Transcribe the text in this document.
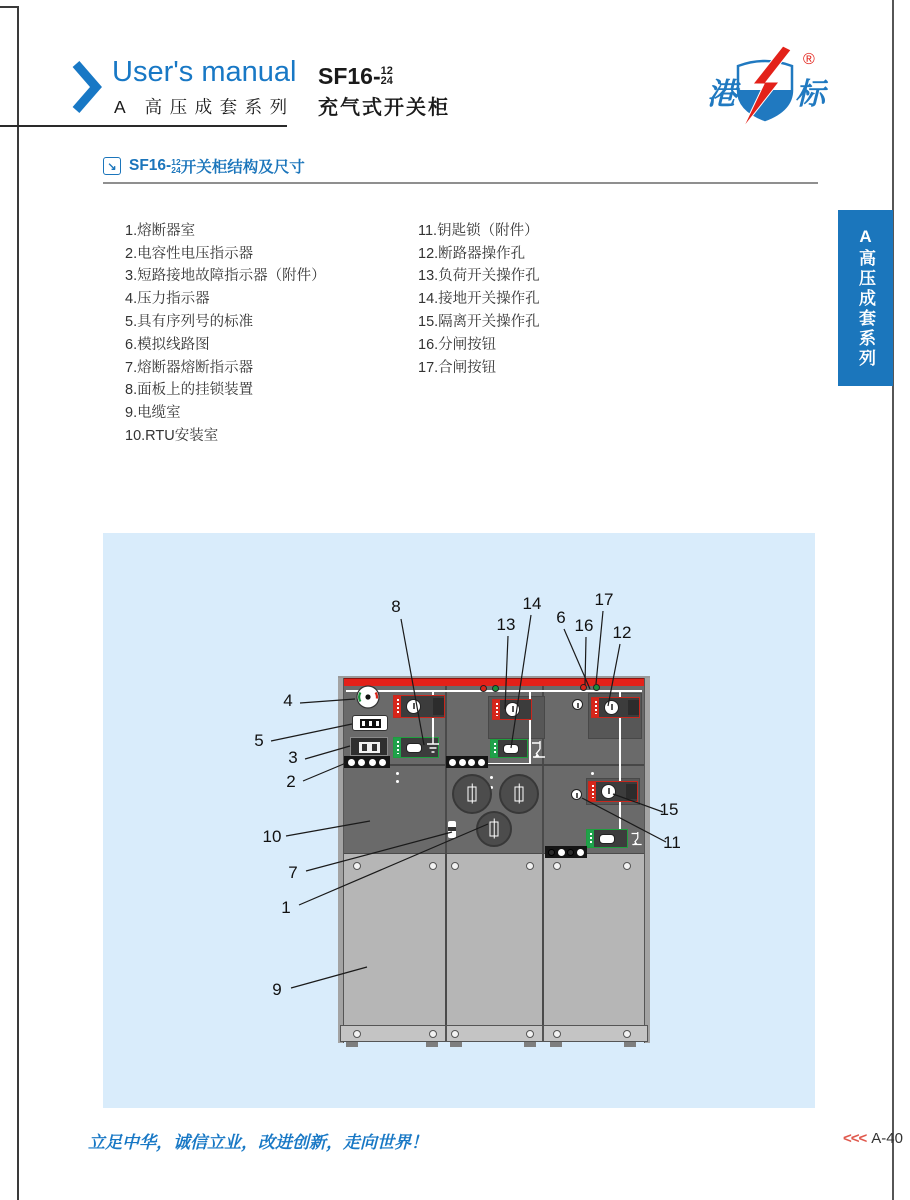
User's manual
A 高压成套系列
SF16- 12
24
充气式开关柜	港 标
®
↘ SF16- 12
24 开关柜结构及尺寸
1.熔断器室
2.电容性电压指示器
3.短路接地故障指示器（附件）
4.压力指示器
5.具有序列号的标准
6.模拟线路图
7.熔断器熔断指示器
8.面板上的挂锁装置
9.电缆室
10.RTU安装室
11.钥匙锁（附件）
12.断路器操作孔
13.负荷开关操作孔
14.接地开关操作孔
15.隔离开关操作孔
16.分闸按钮
17.合闸按钮	A高压成套系列
8
13
14
6 16
17
12
4
5
3
2
10
7
1
9
15
11
立足中华，诚信立业，改进创新，走向世界！	<<< A-40
